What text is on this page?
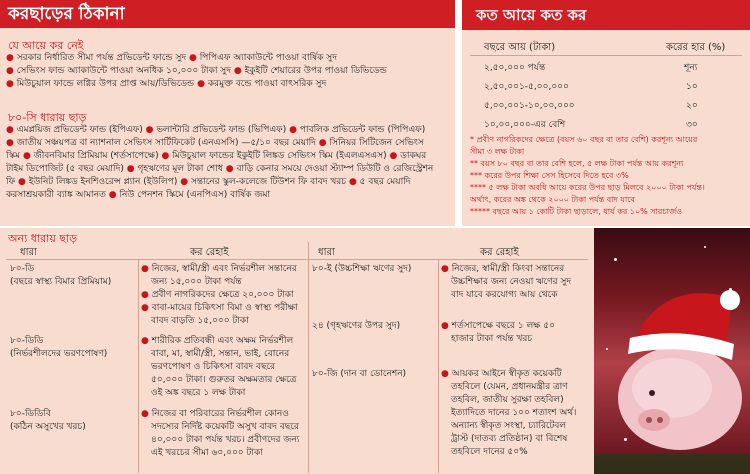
করছাড়ের ঠিকানা
যে আয়ে কর নেই
● সরকার নির্ধারিত সীমা পর্যন্ত প্রভিডেন্ট ফান্ডে সুদ ● পিপিএফ অ্যাকাউন্টে পাওয়া বার্ষিক সুদ
● সেভিংস ফান্ড অ্যাকাউন্টে পাওয়া অনধিক ১০,০০০ টাকা সুদ ● ইকুইটি শেয়ারের উপর পাওয়া ডিভিডেন্ড
● মিউচুয়াল ফান্ডে লগ্নির উপর প্রাপ্ত আয়/ডিভিডেন্ড ● করমুক্ত বন্ডে পাওয়া বাৎসরিক সুদ
৮০-সি ধারায় ছাড়
● এমপ্লয়িজ প্রভিডেন্ট ফান্ড (ইপিএফ) ● ভলান্টারি প্রভিডেন্ট ফান্ড (ভিপিএফ) ● পাবলিক প্রভিডেন্ট ফান্ড (পিপিএফ)
● জাতীয় সঞ্চয়পত্র বা ন্যাশনাল সেভিংস সার্টিফিকেট (এনএসসি) —৫/১০ বছর মেয়াদি ● সিনিয়র সিটিজেন সেভিংস
স্কিম ● জীবনবিমার প্রিমিয়াম (শর্তসাপেক্ষে) ● মিউচুয়াল ফান্ডের ইকুইটি লিঙ্কড সেভিংস স্কিম (ইএলএসএস) ● ডাকঘর
টাইম ডিপোজিট (৫ বছর মেয়াদি) ● গৃহঋণের মূল টাকা শোধ ● বাড়ি কেনার সময়ে দেওয়া স্ট্যাম্প ডিউটি ও রেজিস্ট্রেশন
ফি ● ইউনিট লিঙ্কড ইনশিওরেন্স প্ল্যান (ইউলিপ) ● সন্তানের স্কুল-কলেজে টিউশন ফি বাবদ খরচ ● ৫ বছর মেয়াদি
করসাশ্রয়কারী ব্যাঙ্ক আমানত ● নিউ পেনশন স্কিমে (এনপিএস) বার্ষিক জমা
কত আয়ে কত কর
বছরে আয় (টাকা)	করের হার (%)
২,৫০,০০০ পর্যন্ত	শূন্য
২,৫০,০০১-৫,০০,০০০	১০
৫,০০,০০১-১০,০০,০০০	২০
১০,০০,০০০-এর বেশি	৩০
* প্রবীণ নাগরিকদের ক্ষেত্রে (বয়স ৬০ বছর বা তার বেশি) করশূন্য আয়ের
সীমা ৩ লক্ষ টাকা
** বয়স ৮০ বছর বা তার বেশি হলে, ৫ লক্ষ টাকা পর্যন্ত আয় করশূন্য
*** করের উপর শিক্ষা সেস হিসেবে দিতে হবে ৩%
**** ৫ লক্ষ টাকা অবধি আয়ে করের উপর ছাড় মিলবে ২০০০ টাকা পর্যন্ত।
অর্থাৎ, করের অঙ্ক থেকে ২০০০ টাকা পর্যন্ত বাদ যাবে
***** বছরে আয় ১ কোটি টাকা ছাড়ালে, ধার্য কর ১০% সারচার্জও
অন্য ধারায় ছাড়
ধারা	কর রেহাই	ধারা	কর রেহাই
৮০-ডি
(বছরে স্বাস্থ্য বিমার প্রিমিয়াম)
● নিজের, স্বামী/স্ত্রী এবং নির্ভরশীল সন্তানের
জন্য ১৫,০০০ টাকা পর্যন্ত
● প্রবীণ নাগরিকদের ক্ষেত্রে ২০,০০০ টাকা
● বাবা-মায়ের চিকিৎসা বিমা ও স্বাস্থ্য পরীক্ষা
বাবদ বাড়তি ১৫,০০০ টাকা
৮০-ডিডি
(নির্ভরশীলদের ভরণপোষণ)
● শারীরিক প্রতিবন্ধী এবং অক্ষম নির্ভরশীল
বাবা, মা, স্বামী/স্ত্রী, সন্তান, ভাই, বোনের
ভরণপোষণ ও চিকিৎসা বাবদ বছরে
৫০,০০০ টাকা। গুরুতর অক্ষমতার ক্ষেত্রে
ওই অঙ্ক বছরে ১ লক্ষ টাকা
৮০-ডিডিবি
(কঠিন অসুখের খরচ)
● নিজের বা পরিবারের নির্ভরশীল কোনও
সদস্যের নির্দিষ্ট কয়েকটি অসুখ বাবদ বছরে
৪০,০০০ টাকা পর্যন্ত খরচ। প্রবীণদের জন্য
এই খরচের সীমা ৬০,০০০ টাকা
৮০-ই (উচ্চশিক্ষা ঋণের সুদ)	● নিজের, স্বামী/স্ত্রী কিংবা সন্তানের
উচ্চশিক্ষার জন্য নেওয়া ঋণের সুদ
বাদ যাবে করযোগ্য আয় থেকে
২৪ (গৃহঋণের উপর সুদ)	● শর্তসাপেক্ষে বছরে ১ লক্ষ ৫০
হাজার টাকা পর্যন্ত খরচ
৮০-জি (দান বা ডোনেশন)	● আয়কর আইনে স্বীকৃত কয়েকটি
তহবিলে (যেমন, প্রধানমন্ত্রীর ত্রাণ
তহবিল, জাতীয় সুরক্ষা তহবিল)
ইত্যাদিতে দানের ১০০ শতাংশ অর্থ।
অন্যান্য স্বীকৃত সংস্থা, চ্যারিটেবল
ট্রাস্ট (দাতব্য প্রতিষ্ঠান) বা বিশেষ
তহবিলে দানের ৫০%
